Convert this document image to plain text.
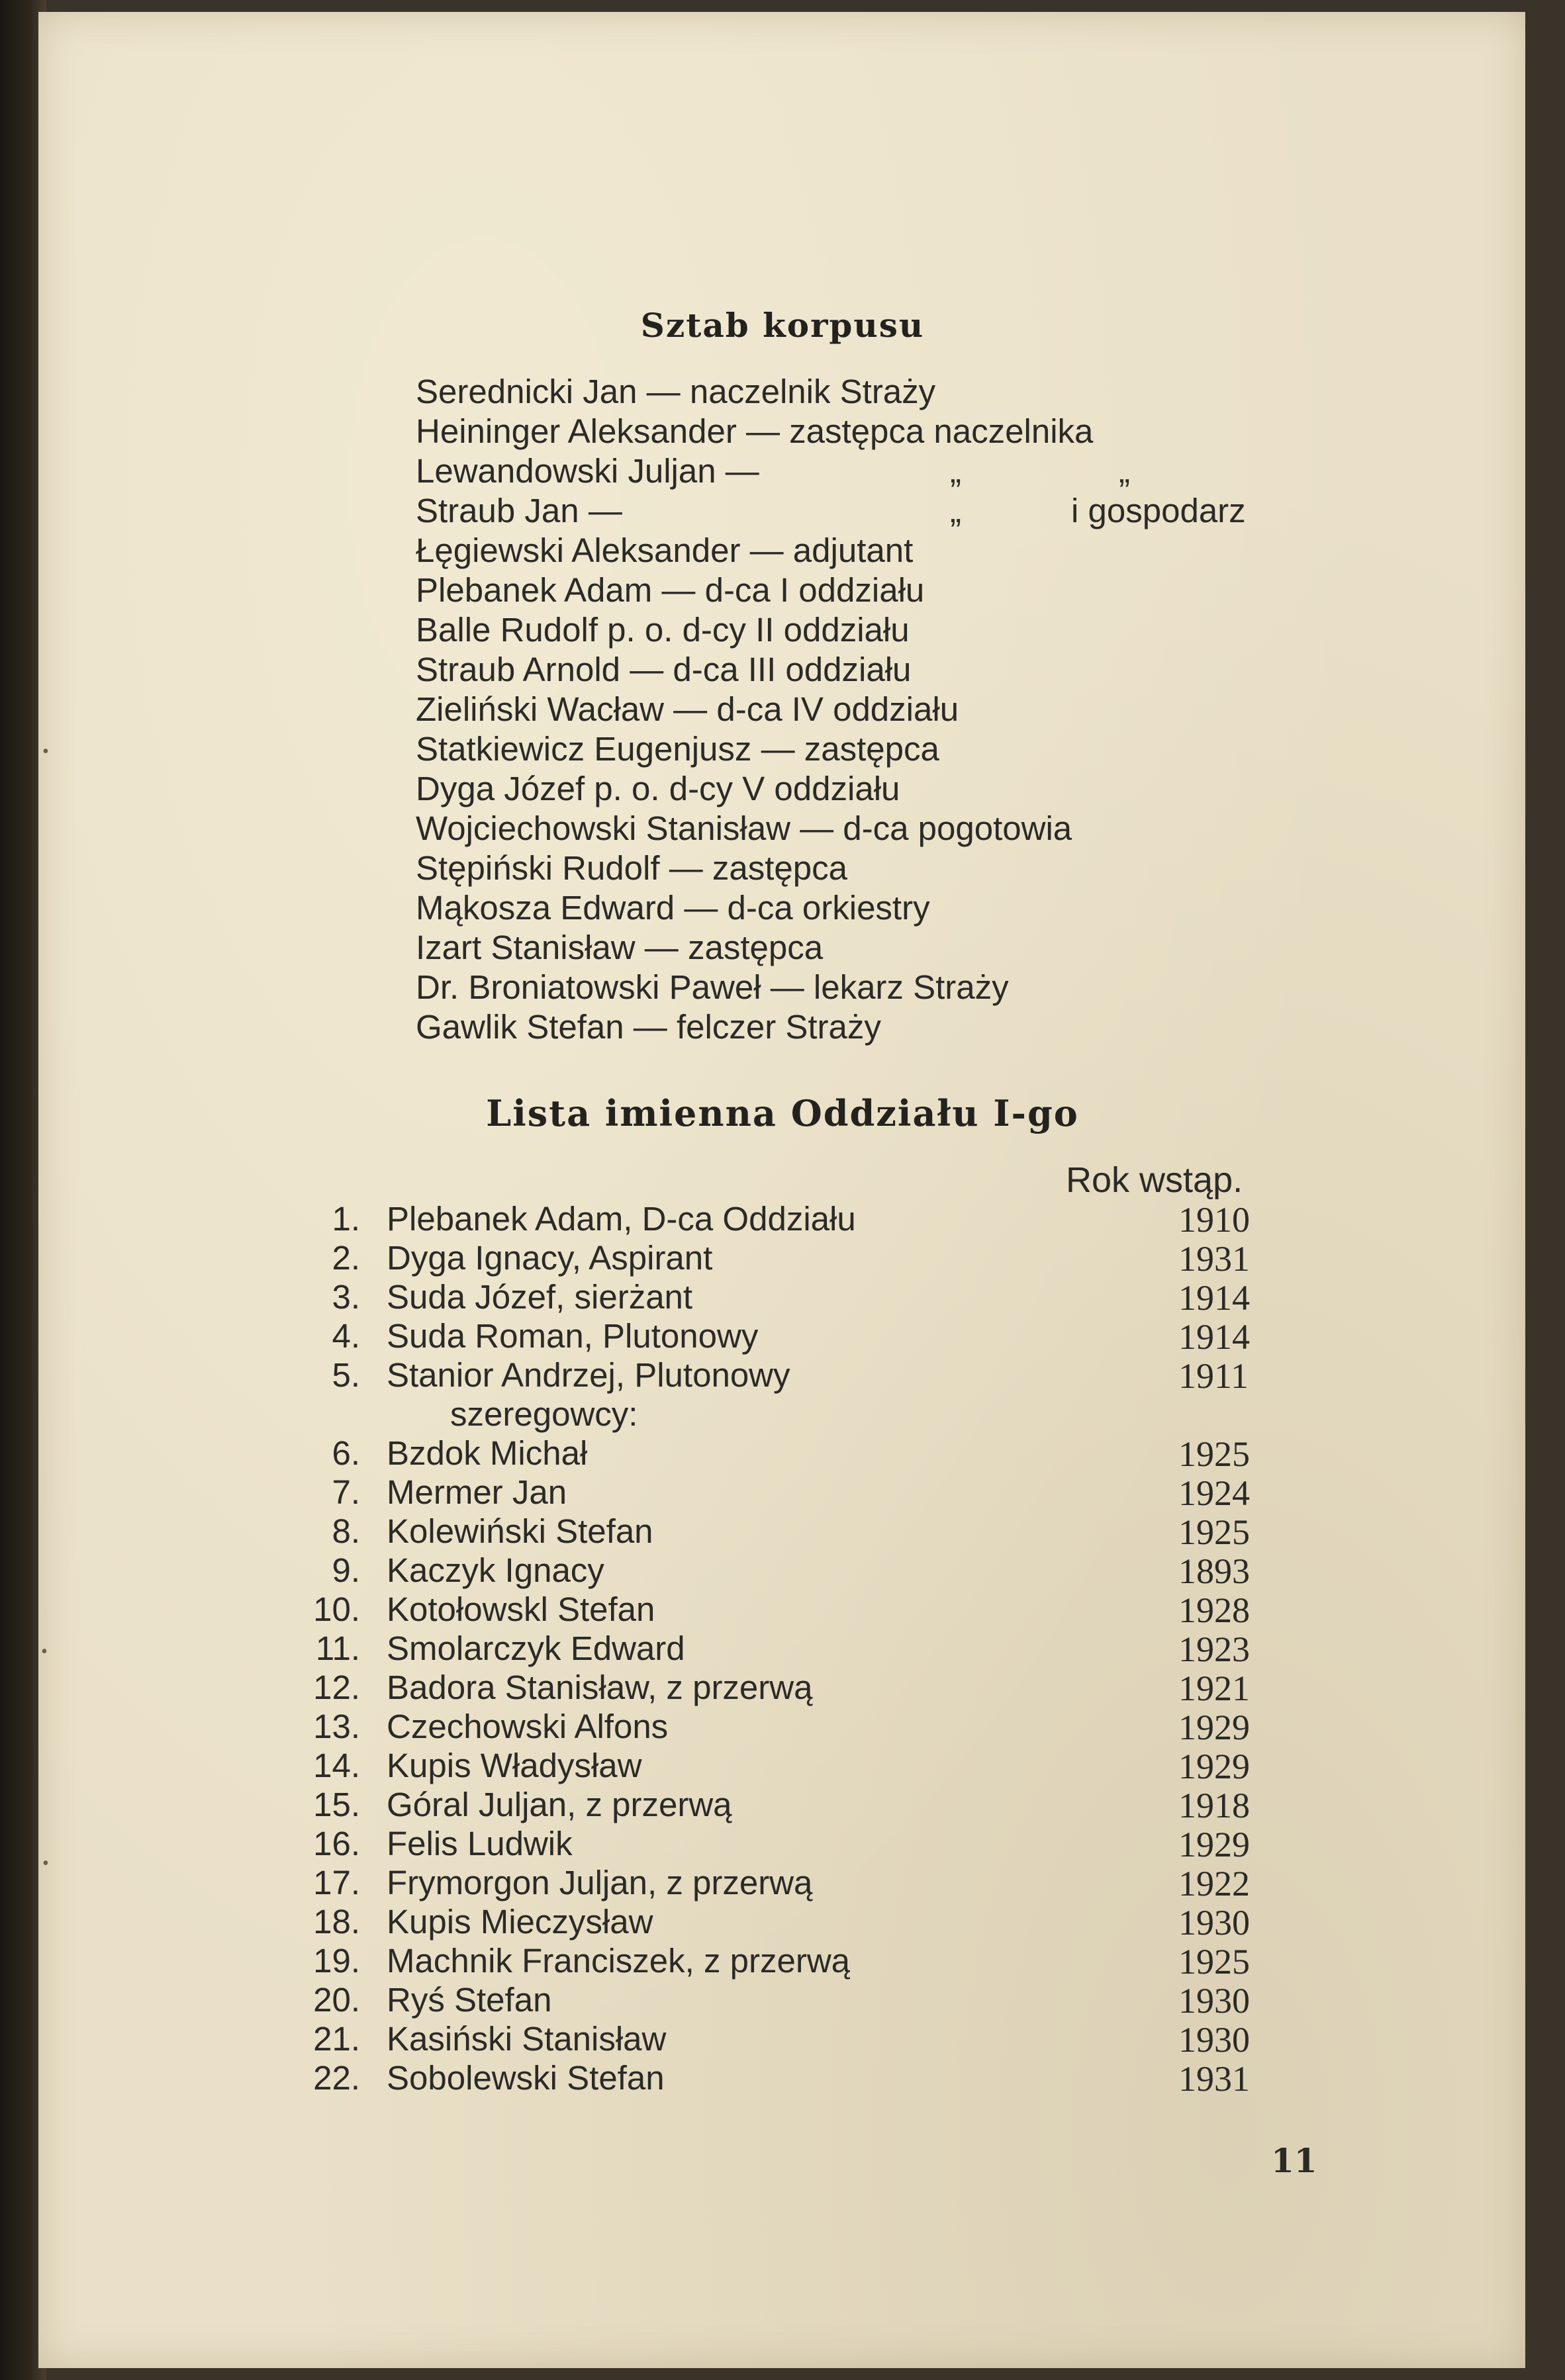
Sztab korpusu
Serednicki Jan — naczelnik Straży
Heininger Aleksander — zastępca naczelnika
Lewandowski Juljan —	„	„
Straub Jan —	„	i gospodarz
Łęgiewski Aleksander — adjutant
Plebanek Adam — d-ca I oddziału
Balle Rudolf p. o. d-cy II oddziału
Straub Arnold — d-ca III oddziału
Zieliński Wacław — d-ca IV oddziału
Statkiewicz Eugenjusz — zastępca
Dyga Józef p. o. d-cy V oddziału
Wojciechowski Stanisław — d-ca pogotowia
Stępiński Rudolf — zastępca
Mąkosza Edward — d-ca orkiestry
Izart Stanisław — zastępca
Dr. Broniatowski Paweł — lekarz Straży
Gawlik Stefan — felczer Straży
Lista imienna Oddziału I-go
Rok wstąp.
1. Plebanek Adam, D-ca Oddziału	1910
2. Dyga Ignacy, Aspirant	1931
3. Suda Józef, sierżant	1914
4. Suda Roman, Plutonowy	1914
5. Stanior Andrzej, Plutonowy	1911
szeregowcy:
6. Bzdok Michał	1925
7. Mermer Jan	1924
8. Kolewiński Stefan	1925
9. Kaczyk Ignacy	1893
10. Kotołowskl Stefan	1928
11. Smolarczyk Edward	1923
12. Badora Stanisław, z przerwą	1921
13. Czechowski Alfons	1929
14. Kupis Władysław	1929
15. Góral Juljan, z przerwą	1918
16. Felis Ludwik	1929
17. Frymorgon Juljan, z przerwą	1922
18. Kupis Mieczysław	1930
19. Machnik Franciszek, z przerwą	1925
20. Ryś Stefan	1930
21. Kasiński Stanisław	1930
22. Sobolewski Stefan	1931
11
•
•
•
